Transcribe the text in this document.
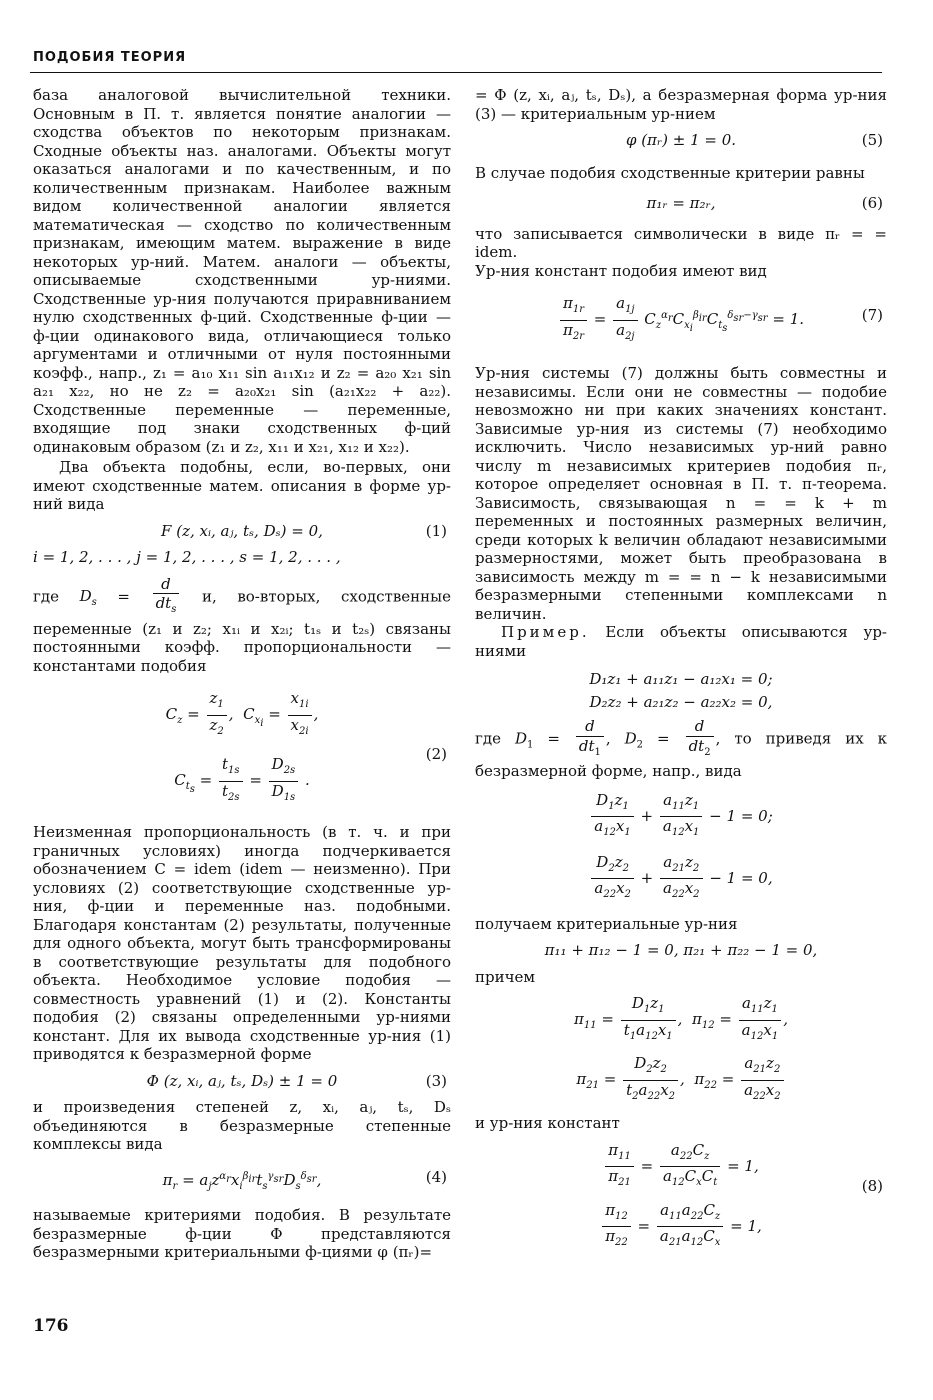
ПОДОБИЯ ТЕОРИЯ

база аналоговой вычислительной техники. Основным в П. т. является понятие аналогии — сходства объектов по некоторым признакам. Сходные объекты наз. аналогами. Объекты могут оказаться аналогами и по качественным, и по количественным признакам. Наиболее важным видом количественной аналогии является математическая — сходство по количественным признакам, имеющим матем. выражение в виде некоторых ур-ний. Матем. аналоги — объекты, описываемые сходственными ур-ниями. Сходственные ур-ния получаются приравниванием нулю сходственных ф-ций. Сходственные ф-ции — ф-ции одинакового вида, отличающиеся только аргументами и отличными от нуля постоянными коэфф., напр., z₁ = a₁₀ x₁₁ sin a₁₁x₁₂ и z₂ = a₂₀ x₂₁ sin a₂₁ x₂₂, но не z₂ = a₂₀x₂₁ sin (a₂₁x₂₂ + a₂₂). Сходственные переменные — переменные, входящие под знаки сходственных ф-ций одинаковым образом (z₁ и z₂, x₁₁ и x₂₁, x₁₂ и x₂₂).

Два объекта подобны, если, во-первых, они имеют сходственные матем. описания в форме ур-ний вида

F (z, xᵢ, aⱼ, tₛ, Dₛ) = 0,	(1)
i = 1, 2, . . . , j = 1, 2, . . . , s = 1, 2, . . . ,

где $D_s = \frac{d}{dt_s} и$, во-вторых, сходственные переменные (z₁ и z₂; x₁ᵢ и x₂ᵢ; t₁ₛ и t₂ₛ) связаны постоянными коэфф. пропорциональности — константами подобия

$C_z = \frac{z_1}{z_2}$ ,  $C_{x_i} = \frac{x_{1i}}{x_{2i}}$ ,
$C_{t_s} = \frac{t_{1s}}{t_{2s}} = \frac{D_{2s}}{D_{1s}}$ .
(2)

Неизменная пропорциональность (в т. ч. и при граничных условиях) иногда подчеркивается обозначением C = idem (idem — неизменно). При условиях (2) соответствующие сходственные ур-ния, ф-ции и переменные наз. подобными. Благодаря константам (2) результаты, полученные для одного объекта, могут быть трансформированы в соответствующие результаты для подобного объекта. Необходимое условие подобия — совместность уравнений (1) и (2). Константы подобия (2) связаны определенными ур-ниями констант. Для их вывода сходственные ур-ния (1) приводятся к безразмерной форме

Φ (z, xᵢ, aⱼ, tₛ, Dₛ) ± 1 = 0	(3)

и произведения степеней z, xᵢ, aⱼ, tₛ, Dₛ объединяются в безразмерные степенные комплексы вида

$\pi_r = a_jz^{\alpha_r}x_i^{\beta_{ir}}t_s^{\gamma_{sr}}D_s^{\delta_{sr}}$,	(4)

называемые критериями подобия. В результате безразмерные ф-ции Φ представляются безразмерными критериальными ф-циями φ (πᵣ)=

= Φ (z, xᵢ, aⱼ, tₛ, Dₛ), а безразмерная форма ур-ния (3) — критериальным ур-нием

φ (πᵣ) ± 1 = 0.	(5)

В случае подобия сходственные критерии равны

π₁ᵣ = π₂ᵣ,	(6)

что записывается символически в виде πᵣ = = idem.

Ур-ния констант подобия имеют вид

$\frac{\pi_{1r}}{\pi_{2r}} = \frac{a_{1j}}{a_{2j}} C_z^{\alpha_r}C_{x_i}^{\beta_{ir}}C_{t_s}^{\delta_{sr}-\gamma_{sr}} = 1$.	(7)

Ур-ния системы (7) должны быть совместны и независимы. Если они не совместны — подобие невозможно ни при каких значениях констант. Зависимые ур-ния из системы (7) необходимо исключить. Число независимых ур-ний равно числу m независимых критериев подобия πᵣ, которое определяет основная в П. т. π-теорема. Зависимость, связывающая n = = k + m переменных и постоянных размерных величин, среди которых k величин обладают независимыми размерностями, может быть преобразована в зависимость между m = = n − k независимыми безразмерными степенными комплексами n величин.

Пример. Если объекты описываются ур-ниями

D₁z₁ + a₁₁z₁ − a₁₂x₁ = 0;
D₂z₂ + a₂₁z₂ − a₂₂x₂ = 0,

где $D_1 = \frac{d}{dt_1}$ , $D_2 = \frac{d}{dt_2}$ , то приведя их к безразмерной форме, напр., вида

$\frac{D_1z_1}{a_{12}x_1} + \frac{a_{11}z_1}{a_{12}x_1} - 1 = 0$;
$\frac{D_2z_2}{a_{22}x_2} + \frac{a_{21}z_2}{a_{22}x_2} - 1 = 0$,

получаем критериальные ур-ния

π₁₁ + π₁₂ − 1 = 0, π₂₁ + π₂₂ − 1 = 0,

причем

$\pi_{11} = \frac{D_1z_1}{t_1a_{12}x_1}$ ,  $\pi_{12} = \frac{a_{11}z_1}{a_{12}x_1}$ ,
$\pi_{21} = \frac{D_2z_2}{t_2a_{22}x_2}$ ,  $\pi_{22} = \frac{a_{21}z_2}{a_{22}x_2}$

и ур-ния констант

$\frac{\pi_{11}}{\pi_{21}} = \frac{a_{22}C_z}{a_{12}C_xC_t} = 1$,
$\frac{\pi_{12}}{\pi_{22}} = \frac{a_{11}a_{22}C_z}{a_{21}a_{12}C_x} = 1$,
(8)
176
